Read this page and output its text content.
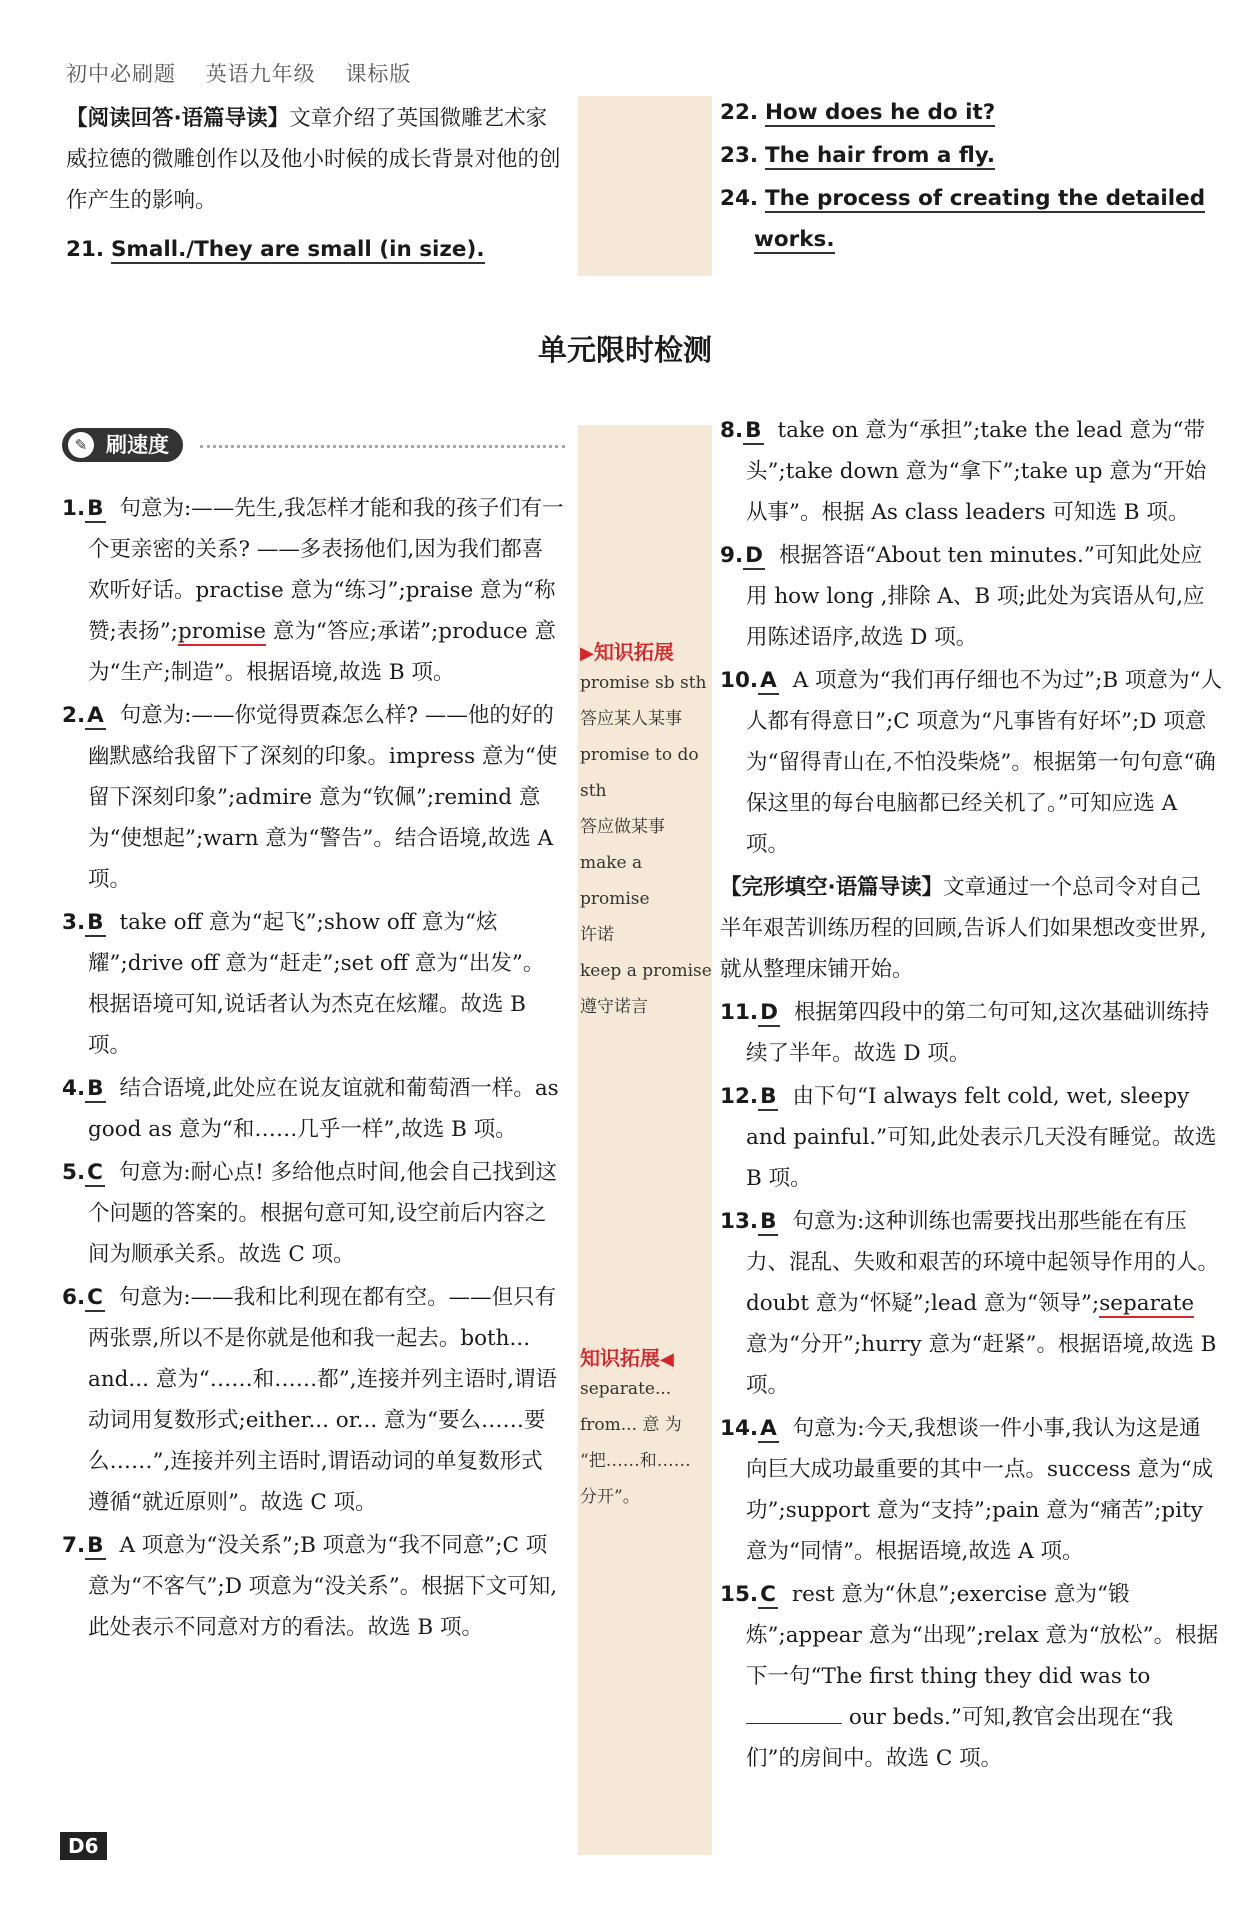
初中必刷题 英语九年级 课标版

【阅读回答·语篇导读】文章介绍了英国微雕艺术家威拉德的微雕创作以及他小时候的成长背景对他的创作产生的影响。

21. Small./They are small (in size).

22. How does he do it?

23. The hair from a fly.

24. The process of creating the detailed works.

单元限时检测
✎ 刷速度

1.B 句意为:——先生,我怎样才能和我的孩子们有一个更亲密的关系? ——多表扬他们,因为我们都喜欢听好话。practise 意为“练习”;praise 意为“称赞;表扬”;promise 意为“答应;承诺”;produce 意为“生产;制造”。根据语境,故选 B 项。

2.A 句意为:——你觉得贾森怎么样? ——他的好的幽默感给我留下了深刻的印象。impress 意为“使留下深刻印象”;admire 意为“钦佩”;remind 意为“使想起”;warn 意为“警告”。结合语境,故选 A 项。

3.B take off 意为“起飞”;show off 意为“炫耀”;drive off 意为“赶走”;set off 意为“出发”。根据语境可知,说话者认为杰克在炫耀。故选 B 项。

4.B 结合语境,此处应在说友谊就和葡萄酒一样。as good as 意为“和……几乎一样”,故选 B 项。

5.C 句意为:耐心点! 多给他点时间,他会自己找到这个问题的答案的。根据句意可知,设空前后内容之间为顺承关系。故选 C 项。

6.C 句意为:——我和比利现在都有空。——但只有两张票,所以不是你就是他和我一起去。both... and... 意为“……和……都”,连接并列主语时,谓语动词用复数形式;either... or... 意为“要么……要么……”,连接并列主语时,谓语动词的单复数形式遵循“就近原则”。故选 C 项。

7.B A 项意为“没关系”;B 项意为“我不同意”;C 项意为“不客气”;D 项意为“没关系”。根据下文可知,此处表示不同意对方的看法。故选 B 项。

▶知识拓展
promise sb sth
答应某人某事
promise to do sth
答应做某事
make a promise
许诺
keep a promise
遵守诺言
知识拓展◀
separate...
from... 意 为
“把……和……
分开”。

8.B take on 意为“承担”;take the lead 意为“带头”;take down 意为“拿下”;take up 意为“开始从事”。根据 As class leaders 可知选 B 项。

9.D 根据答语“About ten minutes.”可知此处应用 how long ,排除 A、B 项;此处为宾语从句,应用陈述语序,故选 D 项。

10.A A 项意为“我们再仔细也不为过”;B 项意为“人人都有得意日”;C 项意为“凡事皆有好坏”;D 项意为“留得青山在,不怕没柴烧”。根据第一句句意“确保这里的每台电脑都已经关机了。”可知应选 A 项。

【完形填空·语篇导读】文章通过一个总司令对自己半年艰苦训练历程的回顾,告诉人们如果想改变世界,就从整理床铺开始。

11.D 根据第四段中的第二句可知,这次基础训练持续了半年。故选 D 项。

12.B 由下句“I always felt cold, wet, sleepy and painful.”可知,此处表示几天没有睡觉。故选 B 项。

13.B 句意为:这种训练也需要找出那些能在有压力、混乱、失败和艰苦的环境中起领导作用的人。doubt 意为“怀疑”;lead 意为“领导”;separate 意为“分开”;hurry 意为“赶紧”。根据语境,故选 B 项。

14.A 句意为:今天,我想谈一件小事,我认为这是通向巨大成功最重要的其中一点。success 意为“成功”;support 意为“支持”;pain 意为“痛苦”;pity 意为“同情”。根据语境,故选 A 项。

15.C rest 意为“休息”;exercise 意为“锻炼”;appear 意为“出现”;relax 意为“放松”。根据下一句“The first thing they did was to our beds.”可知,教官会出现在“我们”的房间中。故选 C 项。

D6
